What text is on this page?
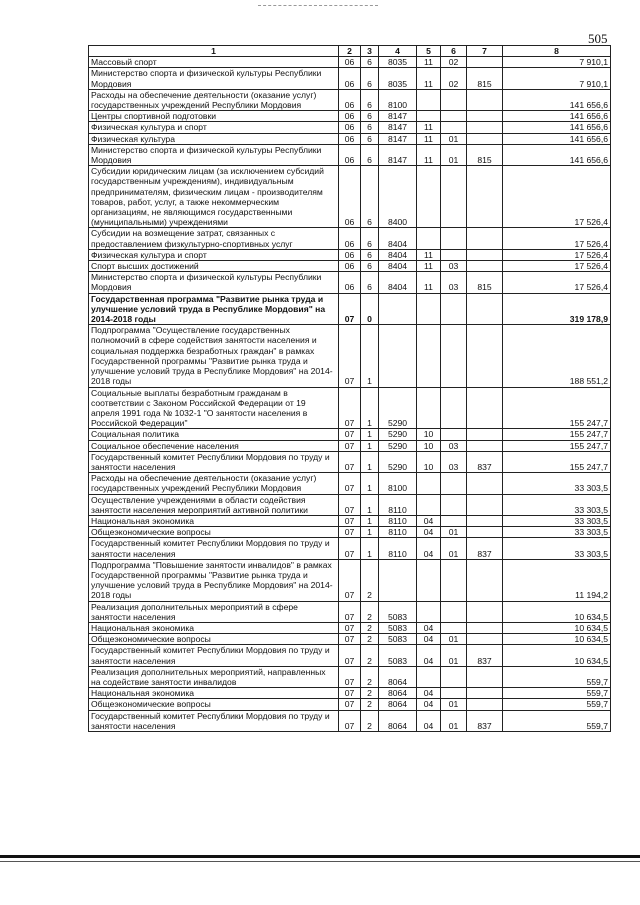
505
1	2	3	4	5	6	7	8
Массовый спорт	06	6	8035	11	02		7 910,1
Министерство спорта и физической культуры Республики Мордовия	06	6	8035	11	02	815	7 910,1
Расходы на обеспечение деятельности (оказание услуг) государственных учреждений Республики Мордовия	06	6	8100				141 656,6
Центры спортивной подготовки	06	6	8147				141 656,6
Физическая культура и спорт	06	6	8147	11			141 656,6
Физическая культура	06	6	8147	11	01		141 656,6
Министерство спорта и физической культуры Республики Мордовия	06	6	8147	11	01	815	141 656,6
Субсидии юридическим лицам (за исключением субсидий государственным учреждениям), индивидуальным предпринимателям, физическим лицам - производителям товаров, работ, услуг, а также некоммерческим организациям, не являющимся государственными (муниципальными) учреждениями	06	6	8400				17 526,4
Субсидии на возмещение затрат, связанных с предоставлением физкультурно-спортивных услуг	06	6	8404				17 526,4
Физическая культура и спорт	06	6	8404	11			17 526,4
Спорт высших достижений	06	6	8404	11	03		17 526,4
Министерство спорта и физической культуры Республики Мордовия	06	6	8404	11	03	815	17 526,4
Государственная программа "Развитие рынка труда и улучшение условий труда в Республике Мордовия" на 2014-2018 годы	07	0					319 178,9
Подпрограмма "Осуществление государственных полномочий в сфере содействия занятости населения и социальная поддержка безработных граждан" в рамках Государственной программы "Развитие рынка труда и улучшение условий труда в Республике Мордовия" на 2014-2018 годы	07	1					188 551,2
Социальные выплаты безработным гражданам в соответствии с Законом Российской Федерации от 19 апреля 1991 года № 1032-1 "О занятости населения в Российской Федерации"	07	1	5290				155 247,7
Социальная политика	07	1	5290	10			155 247,7
Социальное обеспечение населения	07	1	5290	10	03		155 247,7
Государственный комитет Республики Мордовия по труду и занятости населения	07	1	5290	10	03	837	155 247,7
Расходы на обеспечение деятельности (оказание услуг) государственных учреждений Республики Мордовия	07	1	8100				33 303,5
Осуществление учреждениями в области содействия занятости населения мероприятий активной политики	07	1	8110				33 303,5
Национальная экономика	07	1	8110	04			33 303,5
Общеэкономические вопросы	07	1	8110	04	01		33 303,5
Государственный комитет Республики Мордовия по труду и занятости населения	07	1	8110	04	01	837	33 303,5
Подпрограмма "Повышение занятости инвалидов" в рамках Государственной программы "Развитие рынка труда и улучшение условий труда в Республике Мордовия" на 2014-2018 годы	07	2					11 194,2
Реализация дополнительных мероприятий в сфере занятости населения	07	2	5083				10 634,5
Национальная экономика	07	2	5083	04			10 634,5
Общеэкономические вопросы	07	2	5083	04	01		10 634,5
Государственный комитет Республики Мордовия по труду и занятости населения	07	2	5083	04	01	837	10 634,5
Реализация дополнительных мероприятий, направленных на содействие занятости инвалидов	07	2	8064				559,7
Национальная экономика	07	2	8064	04			559,7
Общеэкономические вопросы	07	2	8064	04	01		559,7
Государственный комитет Республики Мордовия по труду и занятости населения	07	2	8064	04	01	837	559,7
